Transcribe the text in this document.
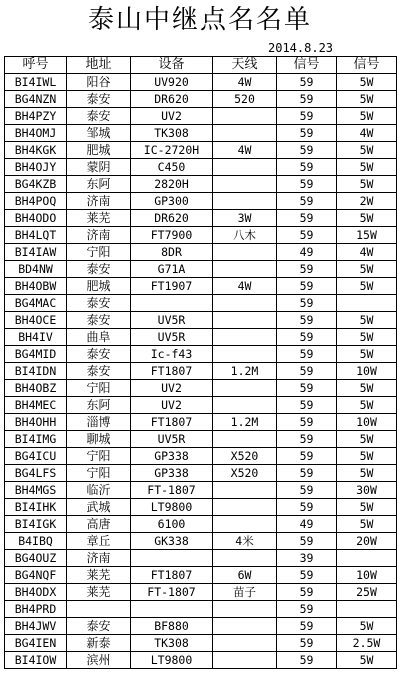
泰山中继点名名单
2014.8.23
呼号	地址	设备	天线	信号	信号
BI4IWL	阳谷	UV920	4W	59	5W
BG4NZN	泰安	DR620	520	59	5W
BH4PZY	泰安	UV2		59	5W
BH4OMJ	邹城	TK308		59	4W
BH4KGK	肥城	IC-2720H	4W	59	5W
BH4OJY	蒙阴	C450		59	5W
BG4KZB	东阿	2820H		59	5W
BH4POQ	济南	GP300		59	2W
BH4ODO	莱芜	DR620	3W	59	5W
BH4LQT	济南	FT7900	八木	59	15W
BI4IAW	宁阳	8DR		49	4W
BD4NW	泰安	G71A		59	5W
BH4OBW	肥城	FT1907	4W	59	5W
BG4MAC	泰安			59	
BH4OCE	泰安	UV5R		59	5W
BH4IV	曲阜	UV5R		59	5W
BG4MID	泰安	Ic-f43		59	5W
BI4IDN	泰安	FT1807	1.2M	59	10W
BH4OBZ	宁阳	UV2		59	5W
BH4MEC	东阿	UV2		59	5W
BH4OHH	淄博	FT1807	1.2M	59	10W
BI4IMG	聊城	UV5R		59	5W
BG4ICU	宁阳	GP338	X520	59	5W
BG4LFS	宁阳	GP338	X520	59	5W
BH4MGS	临沂	FT-1807		59	30W
BI4IHK	武城	LT9800		59	5W
BI4IGK	高唐	6100		49	5W
B4IBQ	章丘	GK338	4米	59	20W
BG4OUZ	济南			39	
BG4NQF	莱芜	FT1807	6W	59	10W
BH4ODX	莱芜	FT-1807	苗子	59	25W
BH4PRD				59	
BH4JWV	泰安	BF880		59	5W
BG4IEN	新泰	TK308		59	2.5W
BI4IOW	滨州	LT9800		59	5W
